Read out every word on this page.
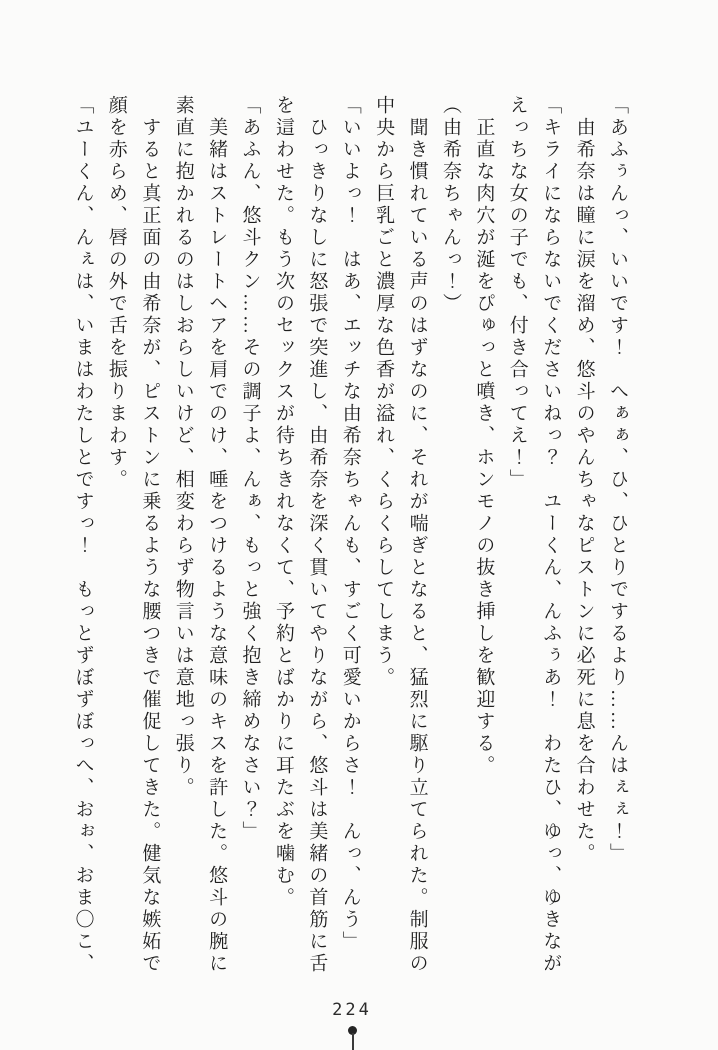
「あふぅんっ、いいです！　へぁぁ、ひ、ひとりでするより……んはぇぇ！」

　由希奈は瞳に涙を溜め、悠斗のやんちゃなピストンに必死に息を合わせた。

「キライにならないでくださいねっ？　ユーくん、んふぅあ！　わたひ、ゆっ、ゆきなが

えっちな女の子でも、付き合ってえ！」

　正直な肉穴が涎をぴゅっと噴き、ホンモノの抜き挿しを歓迎する。

（由希奈ちゃんっ！）

　聞き慣れている声のはずなのに、それが喘ぎとなると、猛烈に駆り立てられた。制服の

中央から巨乳ごと濃厚な色香が溢れ、くらくらしてしまう。

「いいよっ！　はあ、エッチな由希奈ちゃんも、すごく可愛いからさ！　んっ、んう」

　ひっきりなしに怒張で突進し、由希奈を深く貫いてやりながら、悠斗は美緒の首筋に舌

を這わせた。もう次のセックスが待ちきれなくて、予約とばかりに耳たぶを噛む。

「あふん、悠斗クン……その調子よ、んぁ、もっと強く抱き締めなさい？」

　美緒はストレートヘアを肩でのけ、唾をつけるような意味のキスを許した。悠斗の腕に

素直に抱かれるのはしおらしいけど、相変わらず物言いは意地っ張り。

　すると真正面の由希奈が、ピストンに乗るような腰つきで催促してきた。健気な嫉妬で

顔を赤らめ、唇の外で舌を振りまわす。

「ユーくん、んぇは、いまはわたしとですっ！　もっとずぼずぼっへ、おぉ、おま〇こ、

224
